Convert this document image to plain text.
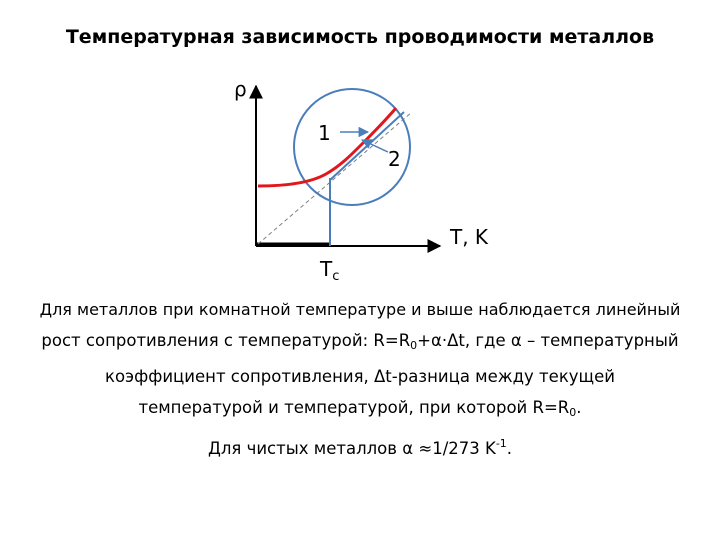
Температурная зависимость проводимости металлов
ρ
1
2
T, K
$T_c$
Для металлов при комнатной температуре и выше наблюдается линейный
рост сопротивления с температурой: $R=R_0+\alpha\cdot\Delta t$, где α – температурный
коэффициент сопротивления, Δt-разница между текущей
температурой и температурой, при которой $R=R_0$.
Для чистых металлов α ≈1/273 $K^{-1}$.
